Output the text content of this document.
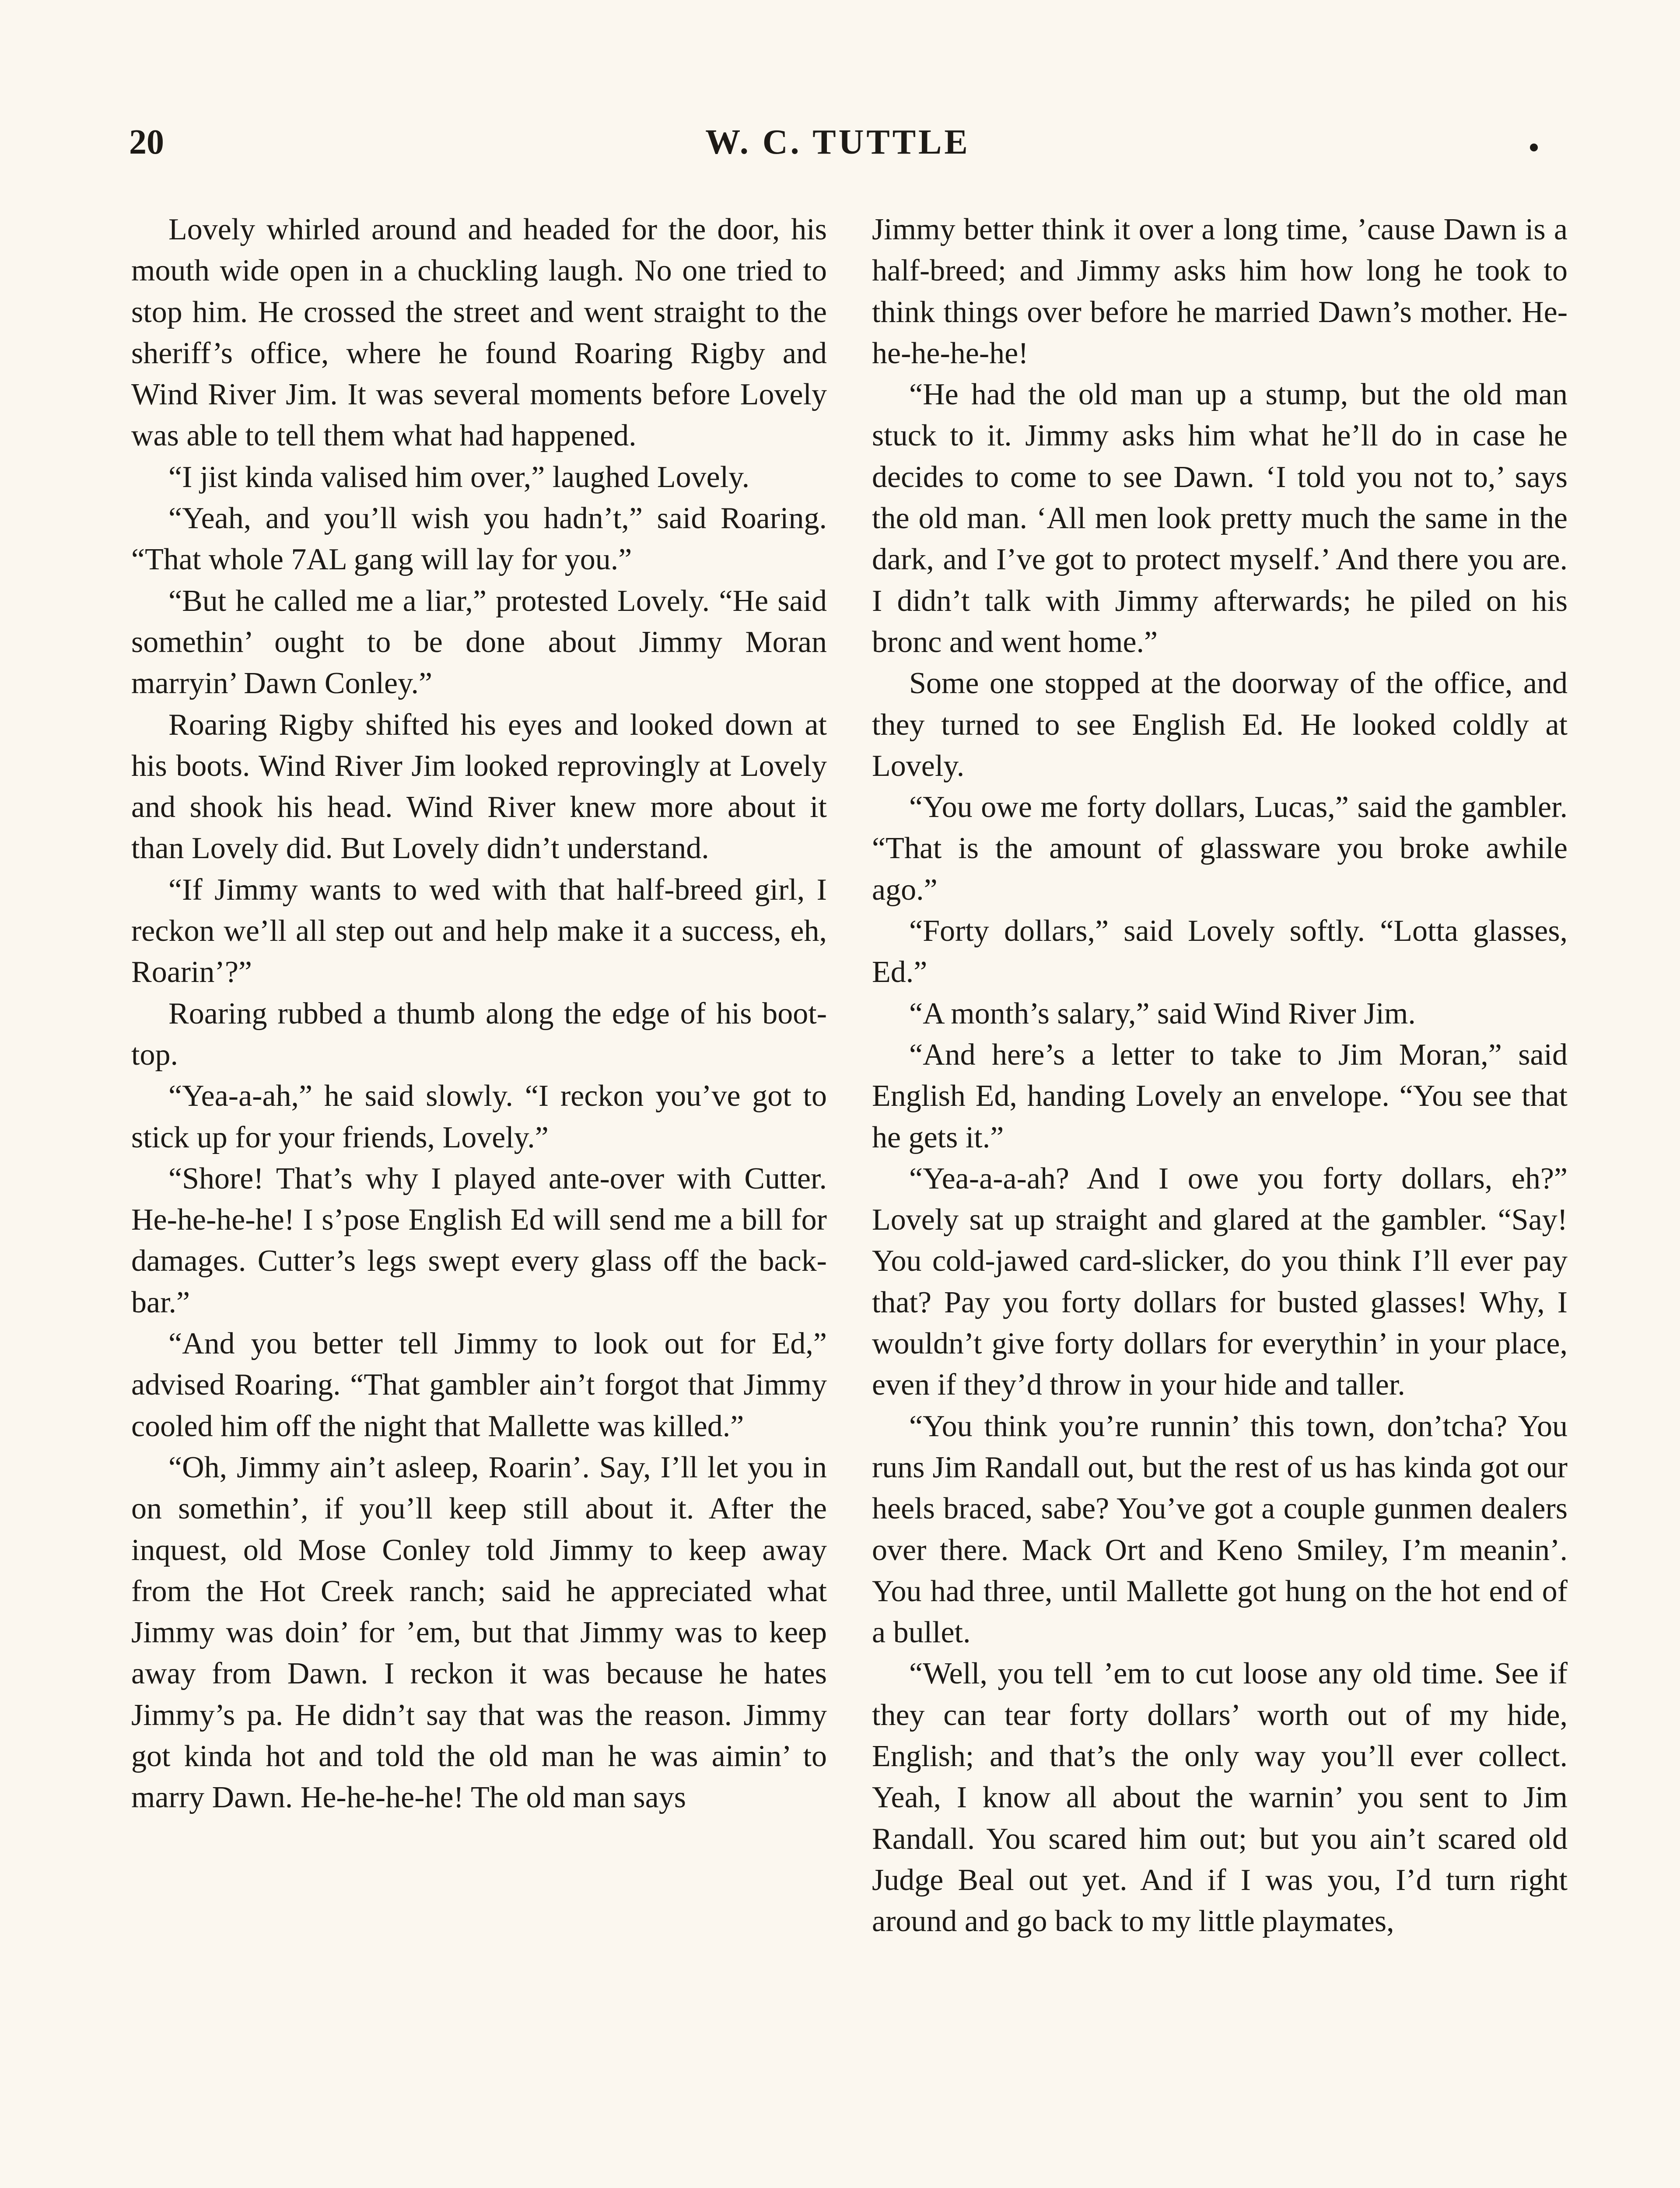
20	W. C. TUTTLE

Lovely whirled around and headed for the door, his mouth wide open in a chuckling laugh. No one tried to stop him. He crossed the street and went straight to the sheriff’s office, where he found Roaring Rigby and Wind River Jim. It was several moments before Lovely was able to tell them what had happened.

“I jist kinda valised him over,” laughed Lovely.

“Yeah, and you’ll wish you hadn’t,” said Roaring. “That whole 7AL gang will lay for you.”

“But he called me a liar,” protested Lovely. “He said somethin’ ought to be done about Jimmy Moran marryin’ Dawn Conley.”

Roaring Rigby shifted his eyes and looked down at his boots. Wind River Jim looked reprovingly at Lovely and shook his head. Wind River knew more about it than Lovely did. But Lovely didn’t understand.

“If Jimmy wants to wed with that half-breed girl, I reckon we’ll all step out and help make it a success, eh, Roarin’?”

Roaring rubbed a thumb along the edge of his boot-top.

“Yea-a-ah,” he said slowly. “I reckon you’ve got to stick up for your friends, Lovely.”

“Shore! That’s why I played ante-over with Cutter. He-he-he-he! I s’pose English Ed will send me a bill for damages. Cutter’s legs swept every glass off the back-bar.”

“And you better tell Jimmy to look out for Ed,” advised Roaring. “That gambler ain’t forgot that Jimmy cooled him off the night that Mallette was killed.”

“Oh, Jimmy ain’t asleep, Roarin’. Say, I’ll let you in on somethin’, if you’ll keep still about it. After the inquest, old Mose Conley told Jimmy to keep away from the Hot Creek ranch; said he appreciated what Jimmy was doin’ for ’em, but that Jimmy was to keep away from Dawn. I reckon it was because he hates Jimmy’s pa. He didn’t say that was the reason. Jimmy got kinda hot and told the old man he was aimin’ to marry Dawn. He-he-he-he! The old man says

Jimmy better think it over a long time, ’cause Dawn is a half-breed; and Jimmy asks him how long he took to think things over before he married Dawn’s mother. He-he-he-he-he!

“He had the old man up a stump, but the old man stuck to it. Jimmy asks him what he’ll do in case he decides to come to see Dawn. ‘I told you not to,’ says the old man. ‘All men look pretty much the same in the dark, and I’ve got to protect myself.’ And there you are. I didn’t talk with Jimmy afterwards; he piled on his bronc and went home.”

Some one stopped at the doorway of the office, and they turned to see English Ed. He looked coldly at Lovely.

“You owe me forty dollars, Lucas,” said the gambler. “That is the amount of glassware you broke awhile ago.”

“Forty dollars,” said Lovely softly. “Lotta glasses, Ed.”

“A month’s salary,” said Wind River Jim.

“And here’s a letter to take to Jim Moran,” said English Ed, handing Lovely an envelope. “You see that he gets it.”

“Yea-a-a-ah? And I owe you forty dollars, eh?” Lovely sat up straight and glared at the gambler. “Say! You cold-jawed card-slicker, do you think I’ll ever pay that? Pay you forty dollars for busted glasses! Why, I wouldn’t give forty dollars for everythin’ in your place, even if they’d throw in your hide and taller.

“You think you’re runnin’ this town, don’tcha? You runs Jim Randall out, but the rest of us has kinda got our heels braced, sabe? You’ve got a couple gunmen dealers over there. Mack Ort and Keno Smiley, I’m meanin’. You had three, until Mallette got hung on the hot end of a bullet.

“Well, you tell ’em to cut loose any old time. See if they can tear forty dollars’ worth out of my hide, English; and that’s the only way you’ll ever collect. Yeah, I know all about the warnin’ you sent to Jim Randall. You scared him out; but you ain’t scared old Judge Beal out yet. And if I was you, I’d turn right around and go back to my little playmates,
